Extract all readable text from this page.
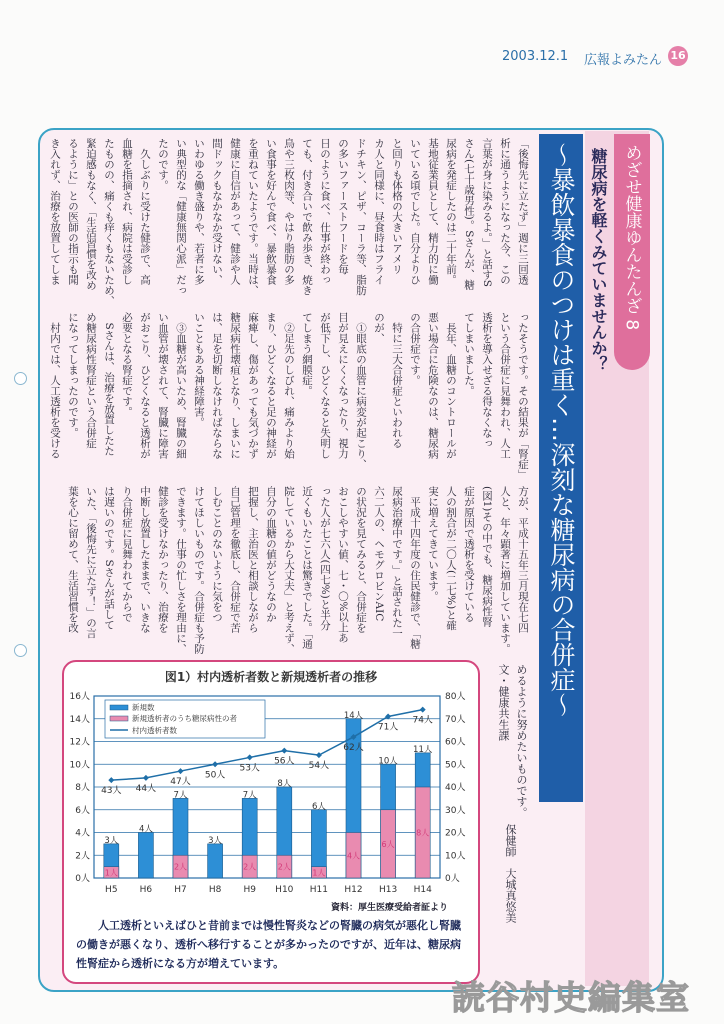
2003.12.1 広報よみたん 16
めざせ健康ゆんたんざ 8
糖尿病を軽くみていませんか？
～暴飲暴食のつけは重く…深刻な糖尿病の合併症～
「後悔先に立たず」週に三回透
析に通うようになった今、この
言葉が身に染みるよ。」と話すS
さん(七十歳男性)。Sさんが、糖
尿病を発症したのは二十年前。
基地従業員として、精力的に働
いている頃でした。自分よりひ
と回りも体格の大きいアメリ
カ人と同様に、昼食時はフライ
ドチキン、ピザ、コーラ等、脂肪
の多いファーストフードを毎
日のように食べ、仕事が終わっ
ても、付き合いで飲み歩き、焼き
鳥や三枚肉等、やはり脂肪の多
い食事を好んで食べ、暴飲暴食
を重ねていたようです。当時は、
健康に自信があって、健診や人
間ドックもなかなか受けない、
いわゆる働き盛りや、若者に多
い典型的な「健康無関心派」だっ
たのです。
　久しぶりに受けた健診で、高
血糖を指摘され、病院は受診し
たものの、痛くも痒くもないため、
緊迫感もなく、「生活習慣を改め
るように」との医師の指示も聞
き入れず、治療を放置してしま
ったそうです。その結果が「腎症」
という合併症に見舞われ、人工
透析を導入せざる得なくなっ
てしまいました。
　長年、血糖のコントロールが
悪い場合に危険なのは、糖尿病
の合併症です。
　特に三大合併症といわれる
のが、
　①眼底の血管に病変が起こり、
目が見えにくくなったり、視力
が低下し、ひどくなると失明し
てしまう網膜症。
　②足先のしびれ、痛みより始
まり、ひどくなると足の神経が
麻痺し、傷があっても気づかず
糖尿病性壊疽となり、しまいに
は、足を切断しなければならな
いこともある神経障害。
　③血糖が高いため、腎臓の細
い血管が壊されて、腎臓に障害
がおこり、ひどくなると透析が
必要となる腎症です。
　Sさんは、治療を放置したた
め糖尿病性腎症という合併症
になってしまったのです。
　村内では、人工透析を受ける
方が、平成十五年三月現在七四
人と、年々顕著に増加しています。
(図1)その中でも、糖尿病性腎
症が原因で透析を受けている
人の割合が二〇人(二七%)と確
実に増えてきています。
　平成十四年度の住民健診で、「糖
尿病治療中です。」と話された一
六二人の、ヘモグロビンAIC
の状況を見てみると、合併症を
おこしやすい値、七・〇%以上あ
った人が七六人(四七%)と半分
近くもいたことは驚きでした。「通
院しているから大丈夫」と考えず、
自分の血糖の値がどうなのか
把握し、主治医と相談しながら
自己管理を徹底し、合併症で苦
しむことのないように気をつ
けてほしいものです。合併症も予防
できます。仕事の忙しさを理由に、
健診を受けなかったり、治療を
中断し放置したままで、いきな
り合併症に見舞われてからで
は遅いのです。Sさんが話して
いた、「後悔先に立たず！」の言
葉を心に留めて、生活習慣を改
めるように努めたいものです。
文・健康共生課
保健師　大城真悠美
図1）村内透析者数と新規透析者の推移
0人
2人
4人
6人
8人
10人
12人
14人
16人
0人
10人
20人
30人
40人
50人
60人
70人
80人
H5
3人
1人
H6
4人
H7
7人
2人
H8
3人
H9
7人
2人
H10
8人
2人
H11
6人
1人
H12
14人
4人
H13
10人
6人
H14
11人
8人
43人 44人
47人
50人
53人
56人 54人
62人
71人
74人
新規数
新規透析者のうち糖尿病性の者
村内透析者数
資料：厚生医療受給者証より
人工透析といえばひと昔前までは慢性腎炎などの腎臓の病気が悪化し腎臓の働きが悪くなり、透析へ移行することが多かったのですが、近年は、糖尿病性腎症から透析になる方が増えています。
読谷村史編集室
